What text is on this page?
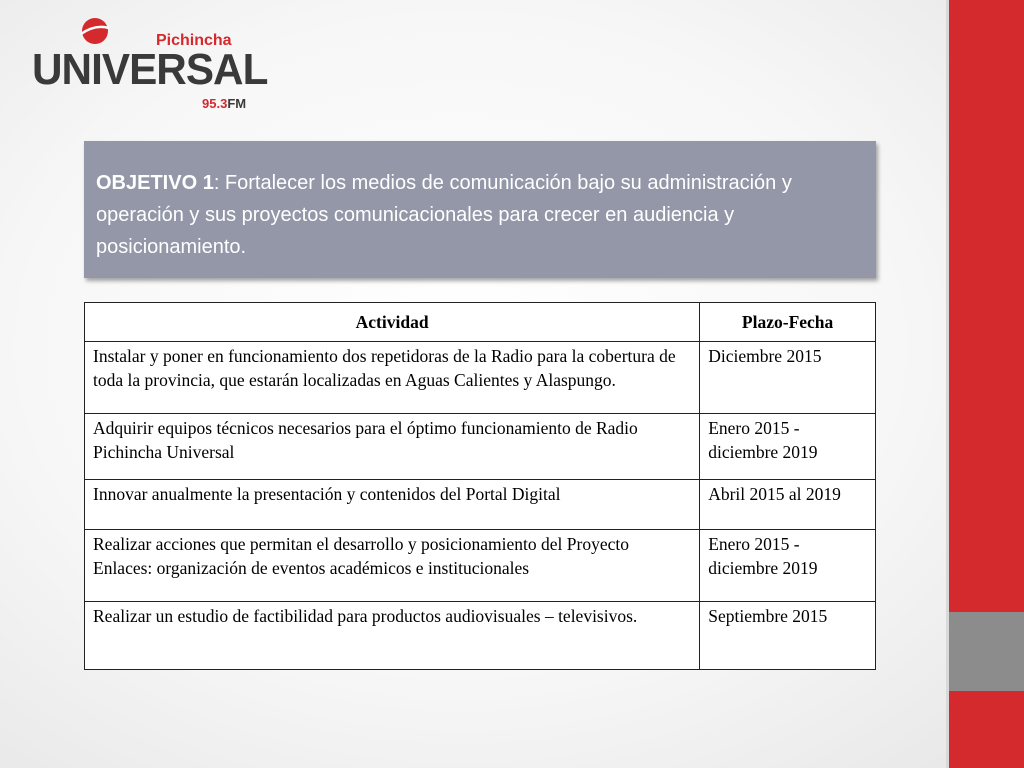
Pichincha
UNIVERSAL
95.3FM
OBJETIVO 1: Fortalecer los medios de comunicación bajo su administración y operación y sus proyectos comunicacionales para crecer en audiencia y posicionamiento.
Actividad	Plazo-Fecha
Instalar y poner en funcionamiento dos repetidoras de la Radio para la cobertura de toda la provincia, que estarán localizadas en Aguas Calientes y Alaspungo.	Diciembre 2015
Adquirir equipos técnicos necesarios para el óptimo funcionamiento de Radio Pichincha Universal	Enero 2015 - diciembre 2019
Innovar anualmente la presentación y contenidos del Portal Digital	Abril 2015 al 2019
Realizar acciones que permitan el desarrollo y posicionamiento del Proyecto Enlaces: organización de eventos académicos e institucionales	Enero 2015 - diciembre 2019
Realizar un estudio de factibilidad para productos audiovisuales – televisivos.	Septiembre 2015
